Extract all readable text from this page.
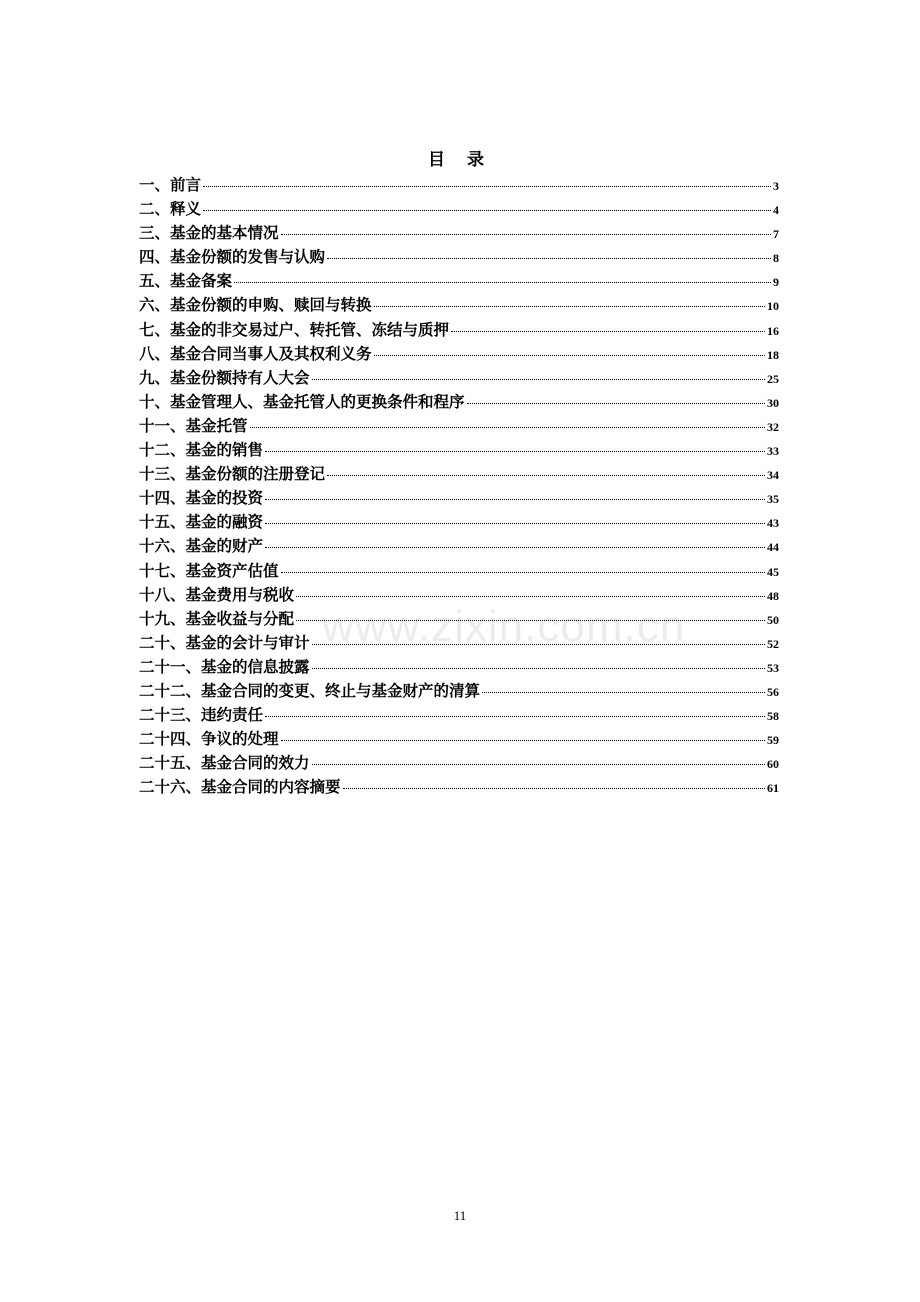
www.zixin.com.cn
目 录
一、前言	3
二、释义	4
三、基金的基本情况	7
四、基金份额的发售与认购	8
五、基金备案	9
六、基金份额的申购、赎回与转换	10
七、基金的非交易过户、转托管、冻结与质押	16
八、基金合同当事人及其权利义务	18
九、基金份额持有人大会	25
十、基金管理人、基金托管人的更换条件和程序	30
十一、基金托管	32
十二、基金的销售	33
十三、基金份额的注册登记	34
十四、基金的投资	35
十五、基金的融资	43
十六、基金的财产	44
十七、基金资产估值	45
十八、基金费用与税收	48
十九、基金收益与分配	50
二十、基金的会计与审计	52
二十一、基金的信息披露	53
二十二、基金合同的变更、终止与基金财产的清算	56
二十三、违约责任	58
二十四、争议的处理	59
二十五、基金合同的效力	60
二十六、基金合同的内容摘要	61
11
